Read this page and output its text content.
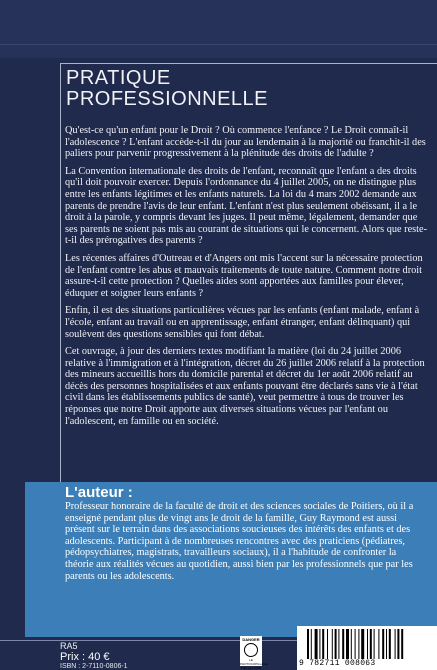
PRATIQUE
PROFESSIONNELLE

Qu'est-ce qu'un enfant pour le Droit ? Où commence l'enfance ? Le Droit connaît-il l'adolescence ? L'enfant accède-t-il du jour au lendemain à la majorité ou franchit-il des paliers pour parvenir progressivement à la plénitude des droits de l'adulte ?

La Convention internationale des droits de l'enfant, reconnaît que l'enfant a des droits qu'il doit pouvoir exercer. Depuis l'ordonnance du 4 juillet 2005, on ne distingue plus entre les enfants légitimes et les enfants naturels. La loi du 4 mars 2002 demande aux parents de prendre l'avis de leur enfant. L'enfant n'est plus seulement obéissant, il a le droit à la parole, y compris devant les juges. Il peut même, légalement, demander que ses parents ne soient pas mis au courant de situations qui le concernent. Alors que reste-t-il des prérogatives des parents ?

Les récentes affaires d'Outreau et d'Angers ont mis l'accent sur la nécessaire protection de l'enfant contre les abus et mauvais traitements de toute nature. Comment notre droit assure-t-il cette protection ? Quelles aides sont apportées aux familles pour élever, éduquer et soigner leurs enfants ?

Enfin, il est des situations particulières vécues par les enfants (enfant malade, enfant à l'école, enfant au travail ou en apprentissage, enfant étranger, enfant délinquant) qui soulèvent des questions sensibles qui font débat.

Cet ouvrage, à jour des derniers textes modifiant la matière (loi du 24 juillet 2006 relative à l'immigration et à l'intégration, décret du 26 juillet 2006 relatif à la protection des mineurs accueillis hors du domicile parental et décret du 1er août 2006 relatif au décès des personnes hospitalisées et aux enfants pouvant être déclarés sans vie à l'état civil dans les établissements publics de santé), veut permettre à tous de trouver les réponses que notre Droit apporte aux diverses situations vécues par l'enfant ou l'adolescent, en famille ou en société.

L'auteur :
Professeur honoraire de la faculté de droit et des sciences sociales de Poitiers, où il a enseigné pendant plus de vingt ans le droit de la famille, Guy Raymond est aussi présent sur le terrain dans des associations soucieuses des intérêts des enfants et des adolescents. Participant à de nombreuses rencontres avec des praticiens (pédiatres, pédopsychiatres, magistrats, travailleurs sociaux), il a l'habitude de confronter la théorie aux réalités vécues au quotidien, aussi bien par les professionnels que par les parents ou les adolescents.
RA5
Prix : 40 €
ISBN : 2-7110-0806-1
DANGER
LE PHOTOCOPILLAGE TUE LE LIVRE	9 782711 008063
